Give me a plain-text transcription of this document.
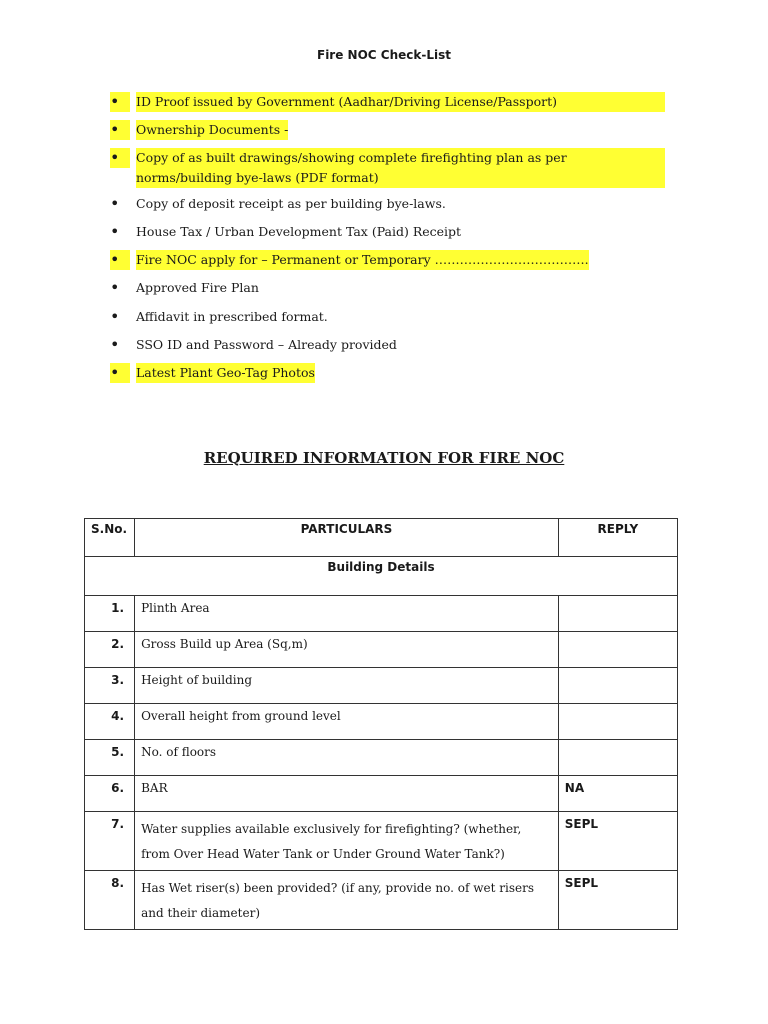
Fire NOC Check-List
•	ID Proof issued by Government (Aadhar/Driving License/Passport)
•	Ownership Documents -
•	Copy of as built drawings/showing complete firefighting plan as per norms/building bye-laws (PDF format)
•	Copy of deposit receipt as per building bye-laws.
•	House Tax / Urban Development Tax (Paid) Receipt
•	Fire NOC apply for – Permanent or Temporary ……………………………….
•	Approved Fire Plan
•	Affidavit in prescribed format.
•	SSO ID and Password – Already provided
•	Latest Plant Geo-Tag Photos
REQUIRED INFORMATION FOR FIRE NOC
S.No.	PARTICULARS	REPLY
Building Details		
1.	Plinth Area	
2.	Gross Build up Area (Sq,m)	
3.	Height of building	
4.	Overall height from ground level	
5.	No. of floors	
6.	BAR	NA
7.	Water supplies available exclusively for firefighting? (whether, from Over Head Water Tank or Under Ground Water Tank?)	SEPL
8.	Has Wet riser(s) been provided? (if any, provide no. of wet risers and their diameter)	SEPL
